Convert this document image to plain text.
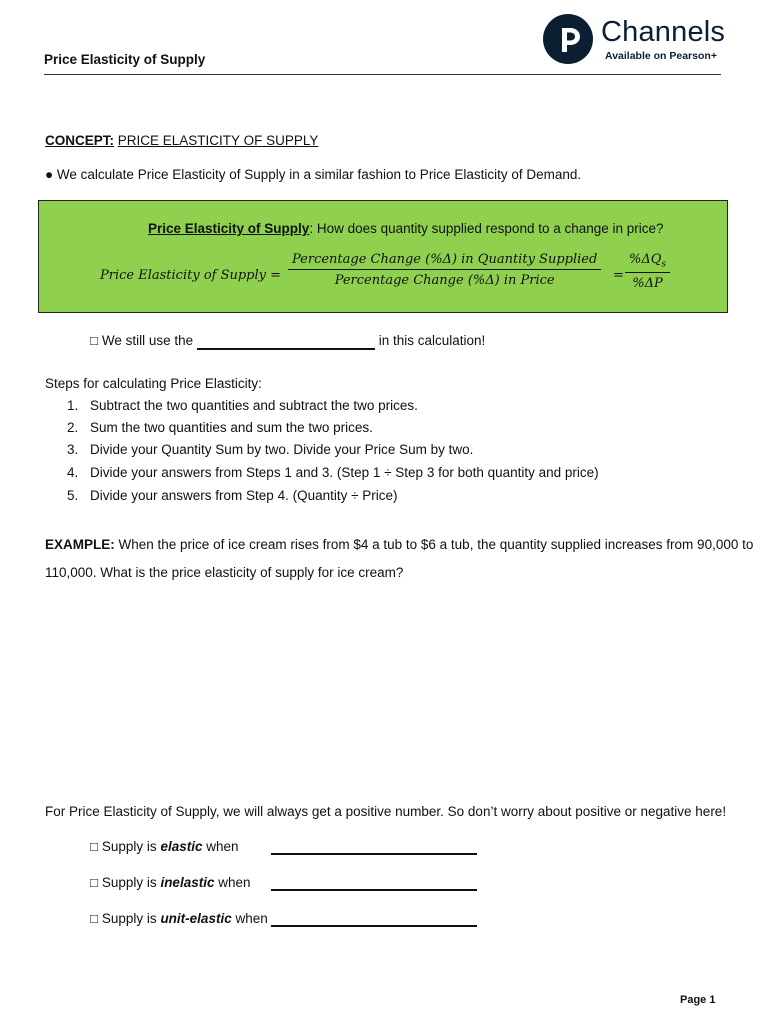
Price Elasticity of Supply
Channels
Available on Pearson+
CONCEPT: PRICE ELASTICITY OF SUPPLY
● We calculate Price Elasticity of Supply in a similar fashion to Price Elasticity of Demand.
Price Elasticity of Supply: How does quantity supplied respond to a change in price?
Price Elasticity of Supply =
Percentage Change (%Δ) in Quantity Supplied
Percentage Change (%Δ) in Price	=
$\%\Delta Q_s$
%ΔP
□ We still use the	in this calculation!
Steps for calculating Price Elasticity:
1. Subtract the two quantities and subtract the two prices.
2. Sum the two quantities and sum the two prices.
3. Divide your Quantity Sum by two. Divide your Price Sum by two.
4. Divide your answers from Steps 1 and 3. (Step 1 ÷ Step 3 for both quantity and price)
5. Divide your answers from Step 4. (Quantity ÷ Price)
EXAMPLE: When the price of ice cream rises from $4 a tub to $6 a tub, the quantity supplied increases from 90,000 to
110,000. What is the price elasticity of supply for ice cream?
For Price Elasticity of Supply, we will always get a positive number. So don’t worry about positive or negative here!
□ Supply is elastic when
□ Supply is inelastic when
□ Supply is unit-elastic when
Page 1
